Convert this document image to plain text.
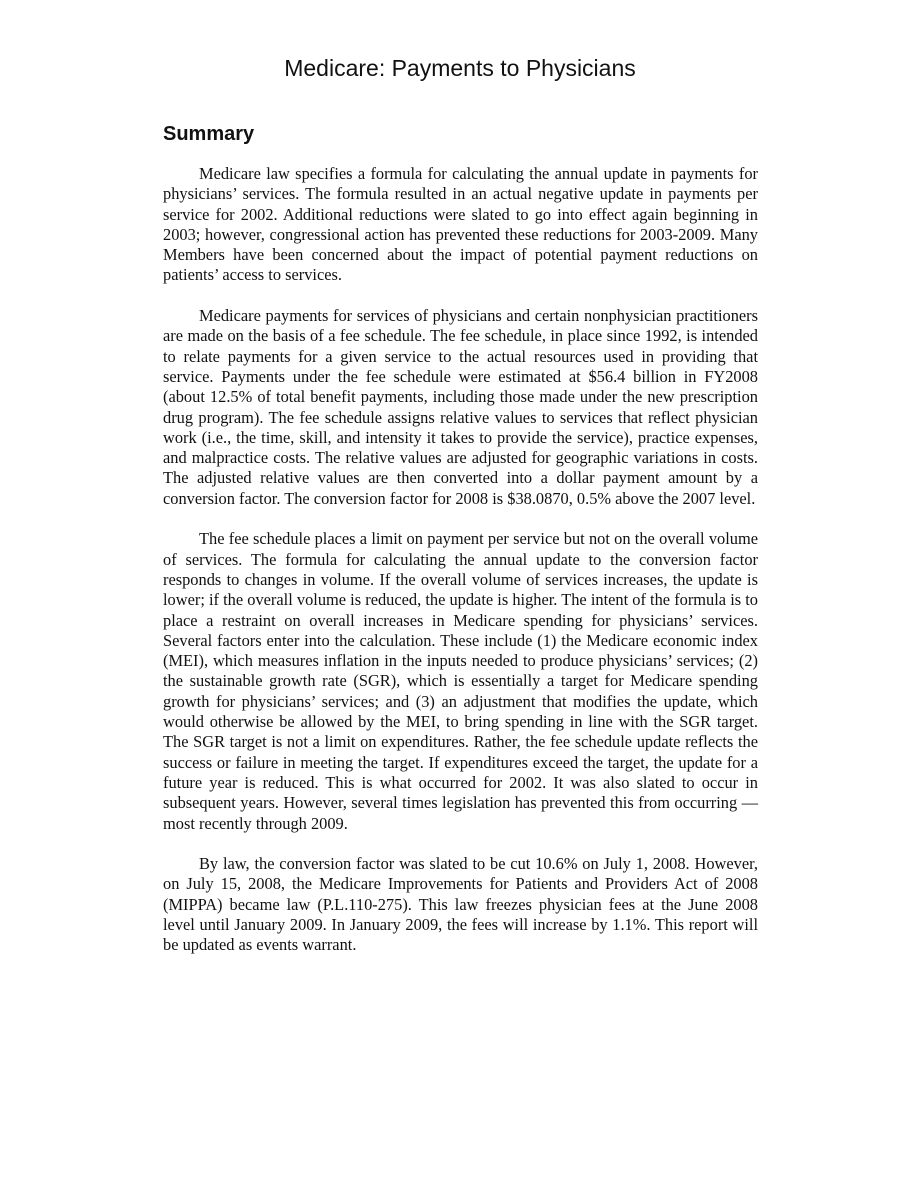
Medicare: Payments to Physicians
Summary

Medicare law specifies a formula for calculating the annual update in payments for physicians’ services. The formula resulted in an actual negative update in payments per service for 2002. Additional reductions were slated to go into effect again beginning in 2003; however, congressional action has prevented these reductions for 2003-2009. Many Members have been concerned about the impact of potential payment reductions on patients’ access to services.

Medicare payments for services of physicians and certain nonphysician practitioners are made on the basis of a fee schedule. The fee schedule, in place since 1992, is intended to relate payments for a given service to the actual resources used in providing that service. Payments under the fee schedule were estimated at $56.4 billion in FY2008 (about 12.5% of total benefit payments, including those made under the new prescription drug program). The fee schedule assigns relative values to services that reflect physician work (i.e., the time, skill, and intensity it takes to provide the service), practice expenses, and malpractice costs. The relative values are adjusted for geographic variations in costs. The adjusted relative values are then converted into a dollar payment amount by a conversion factor. The conversion factor for 2008 is $38.0870, 0.5% above the 2007 level.

The fee schedule places a limit on payment per service but not on the overall volume of services. The formula for calculating the annual update to the conversion factor responds to changes in volume. If the overall volume of services increases, the update is lower; if the overall volume is reduced, the update is higher. The intent of the formula is to place a restraint on overall increases in Medicare spending for physicians’ services. Several factors enter into the calculation. These include (1) the Medicare economic index (MEI), which measures inflation in the inputs needed to produce physicians’ services; (2) the sustainable growth rate (SGR), which is essentially a target for Medicare spending growth for physicians’ services; and (3) an adjustment that modifies the update, which would otherwise be allowed by the MEI, to bring spending in line with the SGR target. The SGR target is not a limit on expenditures. Rather, the fee schedule update reflects the success or failure in meeting the target. If expenditures exceed the target, the update for a future year is reduced. This is what occurred for 2002. It was also slated to occur in subsequent years. However, several times legislation has prevented this from occurring — most recently through 2009.

By law, the conversion factor was slated to be cut 10.6% on July 1, 2008. However, on July 15, 2008, the Medicare Improvements for Patients and Providers Act of 2008 (MIPPA) became law (P.L.110-275). This law freezes physician fees at the June 2008 level until January 2009. In January 2009, the fees will increase by 1.1%. This report will be updated as events warrant.
